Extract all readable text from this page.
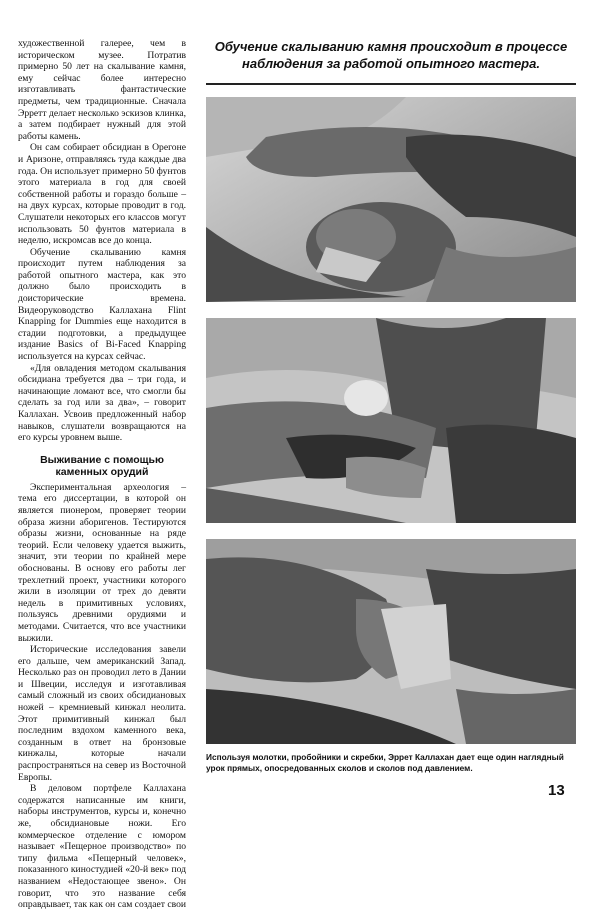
художественной галерее, чем в историческом музее. Потратив примерно 50 лет на скалывание камня, ему сейчас более интересно изготавливать фантастические предметы, чем традиционные. Сначала Эрретт делает несколько эскизов клинка, а затем подбирает нужный для этой работы камень.

Он сам собирает обсидиан в Орегоне и Аризоне, отправляясь туда каждые два года. Он использует примерно 50 фунтов этого материала в год для своей собственной работы и гораздо больше – на двух курсах, которые проводит в год. Слушатели некоторых его классов могут использовать 50 фунтов материала в неделю, искромсав все до конца.

Обучение скалыванию камня происходит путем наблюдения за работой опытного мастера, как это должно было происходить в доисторические времена. Видеоруководство Каллахана Flint Knapping for Dummies еще находится в стадии подготовки, а предыдущее издание Basics of Bi-Faced Knapping используется на курсах сейчас.

«Для овладения методом скалывания обсидиана требуется два – три года, и начинающие ломают все, что смогли бы сделать за год или за два», – говорит Каллахан. Усвоив предложенный набор навыков, слушатели возвращаются на его курсы уровнем выше.

Выживание с помощью каменных орудий

Экспериментальная археология – тема его диссертации, в которой он является пионером, проверяет теории образа жизни аборигенов. Тестируются образы жизни, основанные на ряде теорий. Если человеку удается выжить, значит, эти теории по крайней мере обоснованы. В основу его работы лег трехлетний проект, участники которого жили в изоляции от трех до девяти недель в примитивных условиях, пользуясь древними орудиями и методами. Считается, что все участники выжили.

Исторические исследования завели его дальше, чем американский Запад. Несколько раз он проводил лето в Дании и Швеции, исследуя и изготавливая самый сложный из своих обсидиановых ножей – кремниевый кинжал неолита. Этот примитивный кинжал был последним вздохом каменного века, созданным в ответ на бронзовые кинжалы, которые начали распространяться на север из Восточной Европы.

В деловом портфеле Каллахана содержатся написанные им книги, наборы инструментов, курсы и, конечно же, обсидиановые ножи. Его коммерческое отделение с юмором называет «Пещерное производство» по типу фильма «Пещерный человек», показанного киностудией «20-й век» под названием «Недостающее звено». Он говорит, что это название себя оправдывает, так как он сам создает свои

Обучение скалыванию камня происходит в процессе наблюдения за работой опытного мастера.
Используя молотки, пробойники и скребки, Эррет Каллахан дает еще один наглядный урок прямых, опосредованных сколов и сколов под давлением.
13
